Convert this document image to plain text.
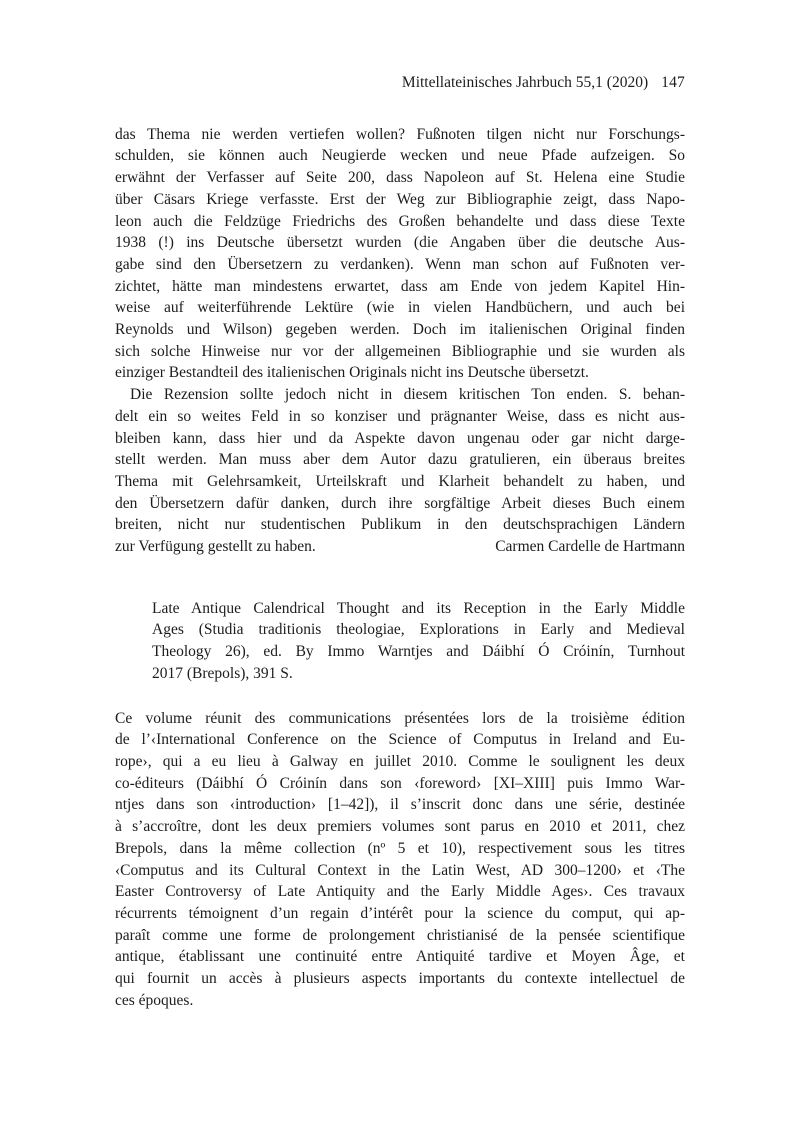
Mittellateinisches Jahrbuch 55,1 (2020) 147
das Thema nie werden vertiefen wollen? Fußnoten tilgen nicht nur Forschungs-
schulden, sie können auch Neugierde wecken und neue Pfade aufzeigen. So
erwähnt der Verfasser auf Seite 200, dass Napoleon auf St. Helena eine Studie
über Cäsars Kriege verfasste. Erst der Weg zur Bibliographie zeigt, dass Napo-
leon auch die Feldzüge Friedrichs des Großen behandelte und dass diese Texte
1938 (!) ins Deutsche übersetzt wurden (die Angaben über die deutsche Aus-
gabe sind den Übersetzern zu verdanken). Wenn man schon auf Fußnoten ver-
zichtet, hätte man mindestens erwartet, dass am Ende von jedem Kapitel Hin-
weise auf weiterführende Lektüre (wie in vielen Handbüchern, und auch bei
Reynolds und Wilson) gegeben werden. Doch im italienischen Original finden
sich solche Hinweise nur vor der allgemeinen Bibliographie und sie wurden als
einziger Bestandteil des italienischen Originals nicht ins Deutsche übersetzt.
Die Rezension sollte jedoch nicht in diesem kritischen Ton enden. S. behan-
delt ein so weites Feld in so konziser und prägnanter Weise, dass es nicht aus-
bleiben kann, dass hier und da Aspekte davon ungenau oder gar nicht darge-
stellt werden. Man muss aber dem Autor dazu gratulieren, ein überaus breites
Thema mit Gelehrsamkeit, Urteilskraft und Klarheit behandelt zu haben, und
den Übersetzern dafür danken, durch ihre sorgfältige Arbeit dieses Buch einem
breiten, nicht nur studentischen Publikum in den deutschsprachigen Ländern
zur Verfügung gestellt zu haben.	Carmen Cardelle de Hartmann
Late Antique Calendrical Thought and its Reception in the Early Middle
Ages (Studia traditionis theologiae, Explorations in Early and Medieval
Theology 26), ed. By Immo Warntjes and Dáibhí Ó Cróinín, Turnhout
2017 (Brepols), 391 S.
Ce volume réunit des communications présentées lors de la troisième édition
de l’‹International Conference on the Science of Computus in Ireland and Eu-
rope›, qui a eu lieu à Galway en juillet 2010. Comme le soulignent les deux
co-éditeurs (Dáibhí Ó Cróinín dans son ‹foreword› [XI–XIII] puis Immo War-
ntjes dans son ‹introduction› [1–42]), il s’inscrit donc dans une série, destinée
à s’accroître, dont les deux premiers volumes sont parus en 2010 et 2011, chez
Brepols, dans la même collection (nº 5 et 10), respectivement sous les titres
‹Computus and its Cultural Context in the Latin West, AD 300–1200› et ‹The
Easter Controversy of Late Antiquity and the Early Middle Ages›. Ces travaux
récurrents témoignent d’un regain d’intérêt pour la science du comput, qui ap-
paraît comme une forme de prolongement christianisé de la pensée scientifique
antique, établissant une continuité entre Antiquité tardive et Moyen Âge, et
qui fournit un accès à plusieurs aspects importants du contexte intellectuel de
ces époques.
